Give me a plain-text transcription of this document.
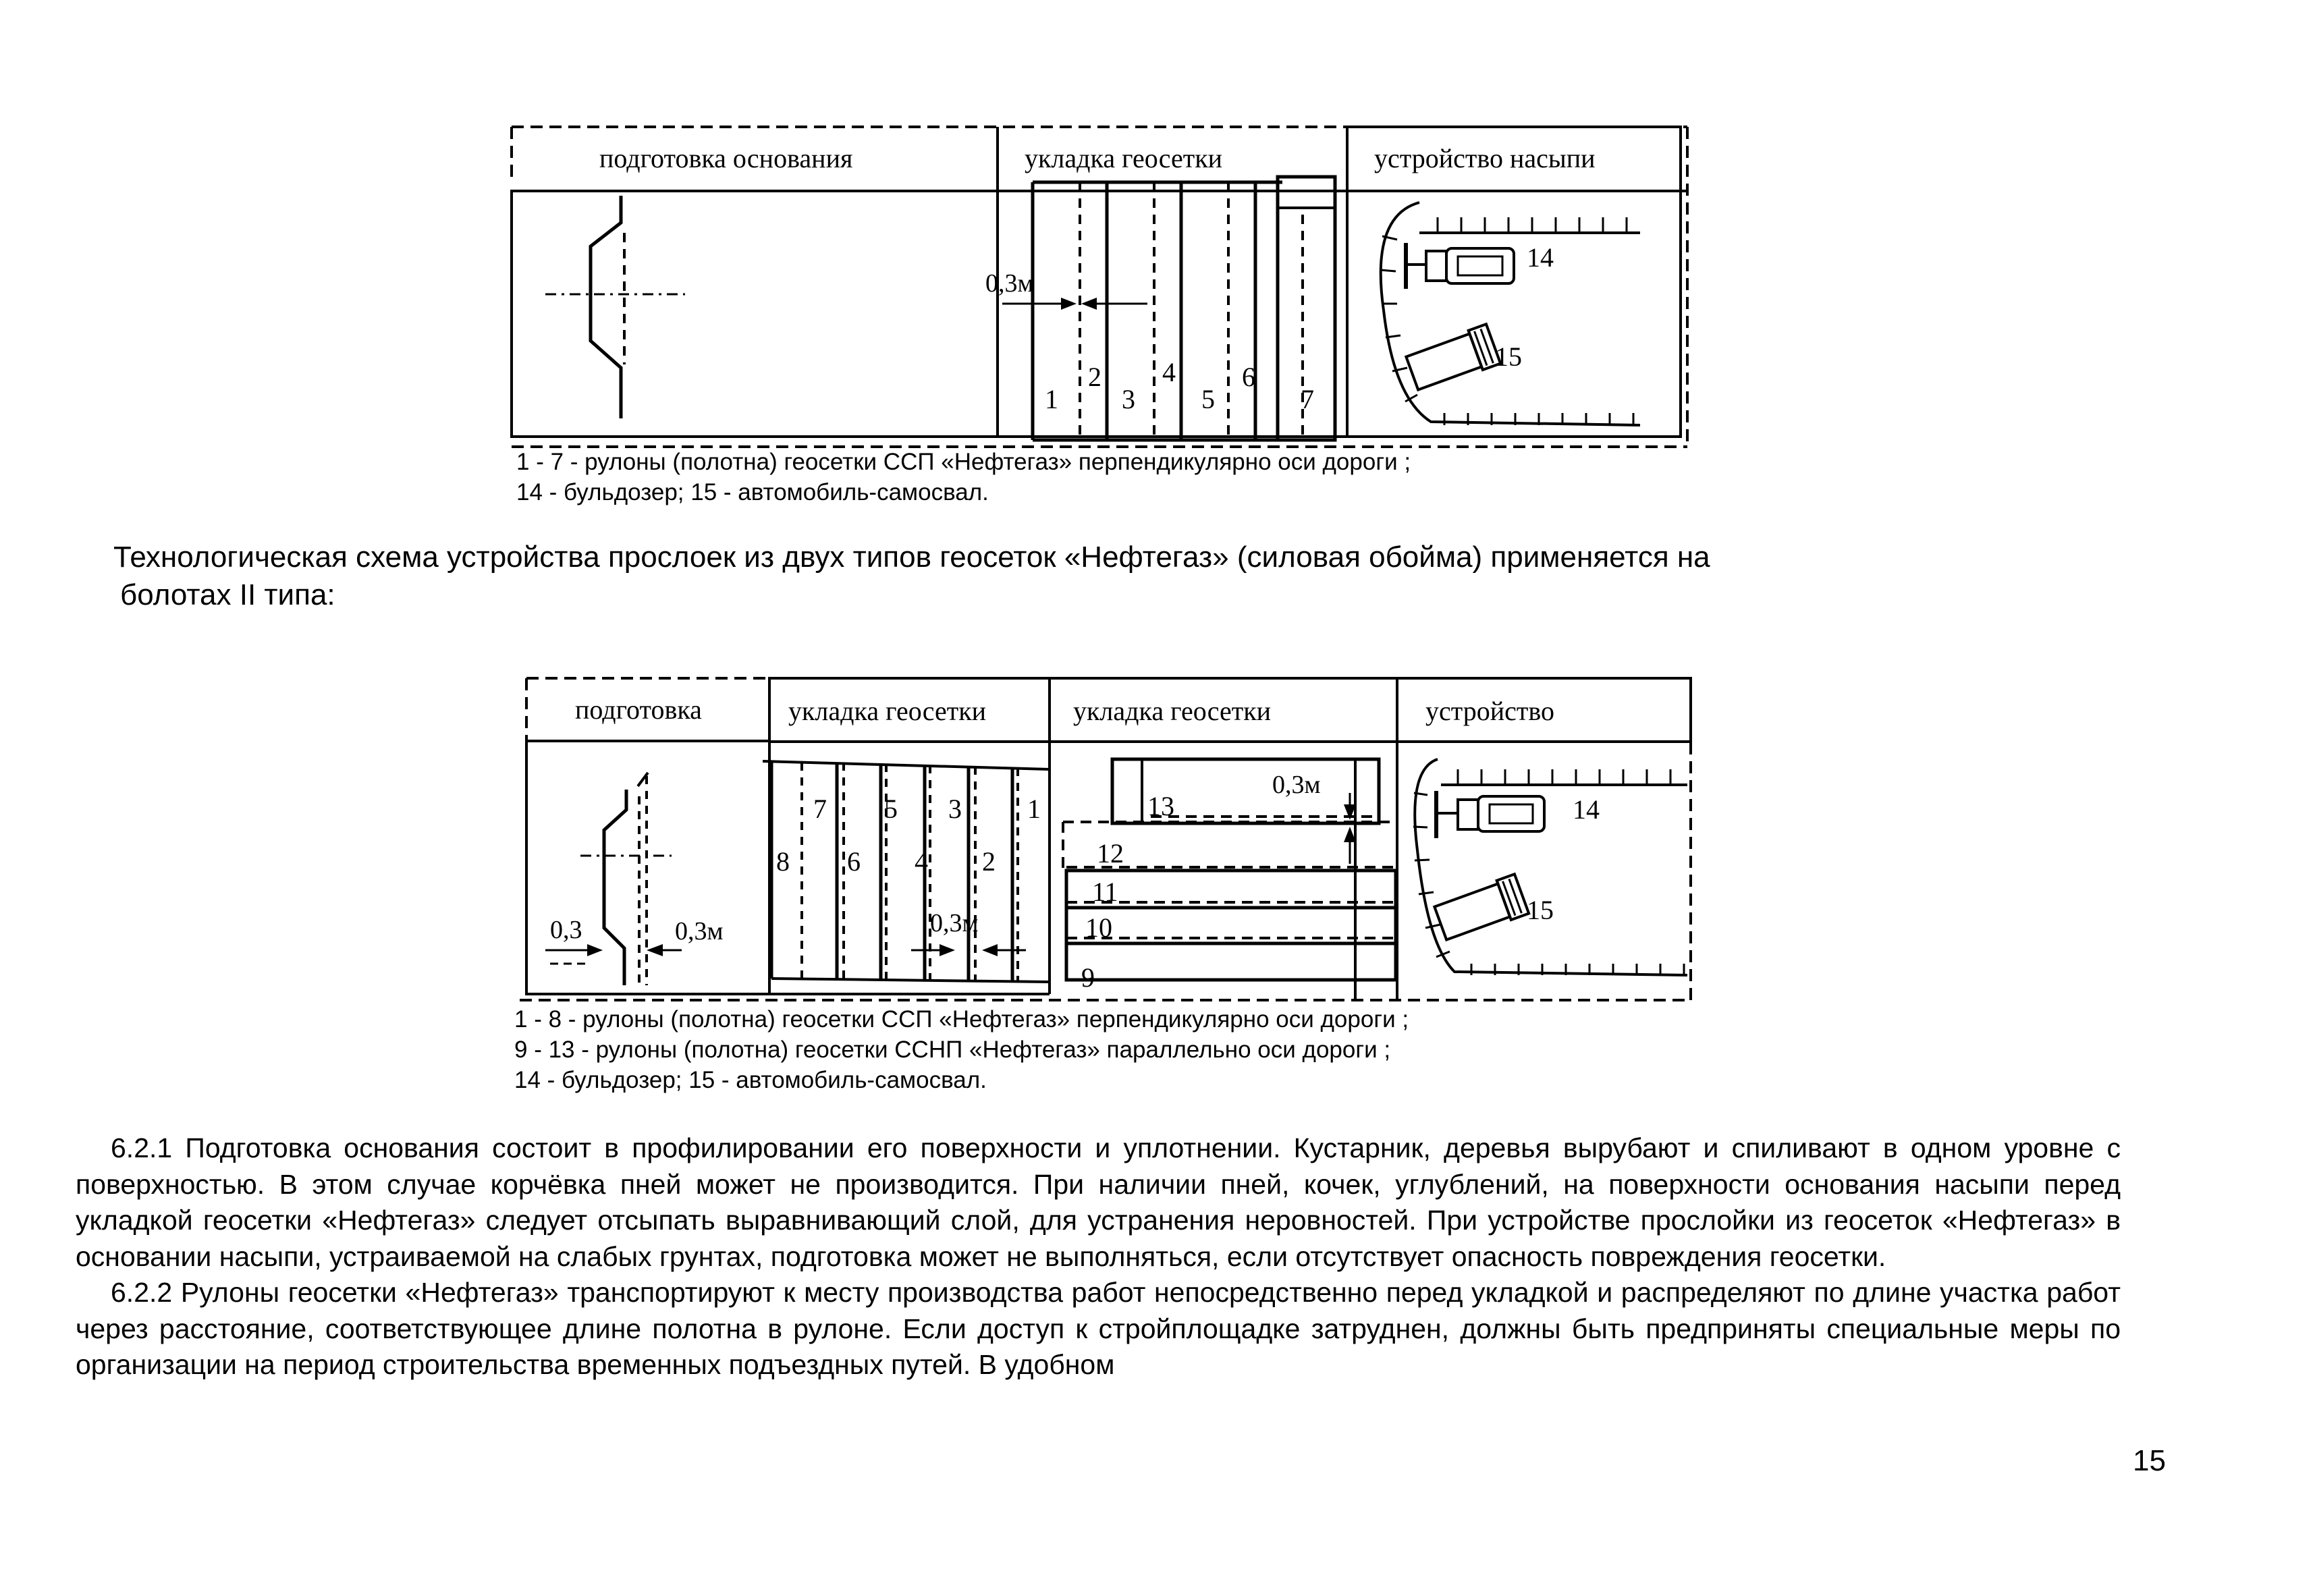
подготовка основания	укладка геосетки	устройство насыпи
0,3м
1
2
3
4
5
6
7
14
15
1 - 7 - рулоны (полотна) геосетки ССП «Нефтегаз» перпендикулярно оси дороги ;
14 - бульдозер; 15 - автомобиль-самосвал.

Технологическая схема устройства прослоек из двух типов геосеток «Нефтегаз» (силовая обойма) применяется на

болотах II типа:

подготовка	укладка геосетки	укладка геосетки	устройство
0,3	0,3м	0,3м
0,3м
8
7
6
5
4
3
2
1	13
12
11
10
9
14
15
1 - 8 - рулоны (полотна) геосетки ССП «Нефтегаз» перпендикулярно оси дороги ;
9 - 13 - рулоны (полотна) геосетки ССНП «Нефтегаз» параллельно оси дороги ;
14 - бульдозер; 15 - автомобиль-самосвал.

6.2.1 Подготовка основания состоит в профилировании его поверхности и уплотнении. Кустарник, деревья вырубают и спиливают в одном уровне с поверхностью. В этом случае корчёвка пней может не производится. При наличии пней, кочек, углублений, на поверхности основания насыпи перед укладкой геосетки «Нефтегаз» следует отсыпать выравнивающий слой, для устранения неровностей. При устройстве прослойки из геосеток «Нефтегаз» в основании насыпи, устраиваемой на слабых грунтах, подготовка может не выполняться, если отсутствует опасность повреждения геосетки.

6.2.2 Рулоны геосетки «Нефтегаз» транспортируют к месту производства работ непосредственно перед укладкой и распределяют по длине участка работ через расстояние, соответствующее длине полотна в рулоне. Если доступ к стройплощадке затруднен, должны быть предприняты специальные меры по организации на период строительства временных подъездных путей. В удобном

15
